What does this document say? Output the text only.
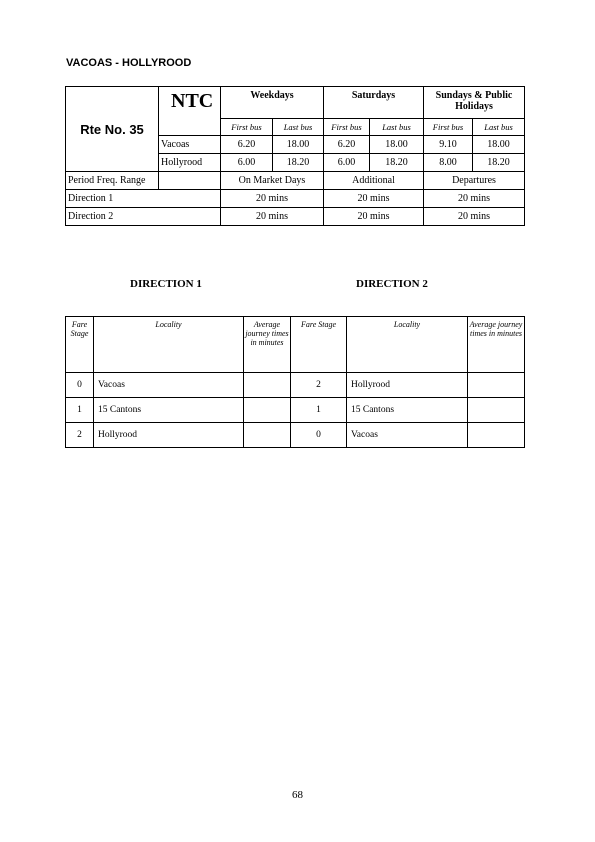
VACOAS - HOLLYROOD
Rte No. 35	NTC	Weekdays		Saturdays		Sundays & Public Holidays	
		First bus	Last bus	First bus	Last bus	First bus	Last bus
	Vacoas	6.20	18.00	6.20	18.00	9.10	18.00
	Hollyrood	6.00	18.20	6.00	18.20	8.00	18.20
Period Freq. Range		On Market Days		Additional		Departures	
Direction 1		20 mins		20 mins		20 mins	
Direction 2		20 mins		20 mins		20 mins	
DIRECTION 1	DIRECTION 2
Fare Stage	Locality	Average journey times in minutes	Fare Stage	Locality	Average journey times in minutes
0	Vacoas		2	Hollyrood	
1	15 Cantons		1	15 Cantons	
2	Hollyrood		0	Vacoas	
68
